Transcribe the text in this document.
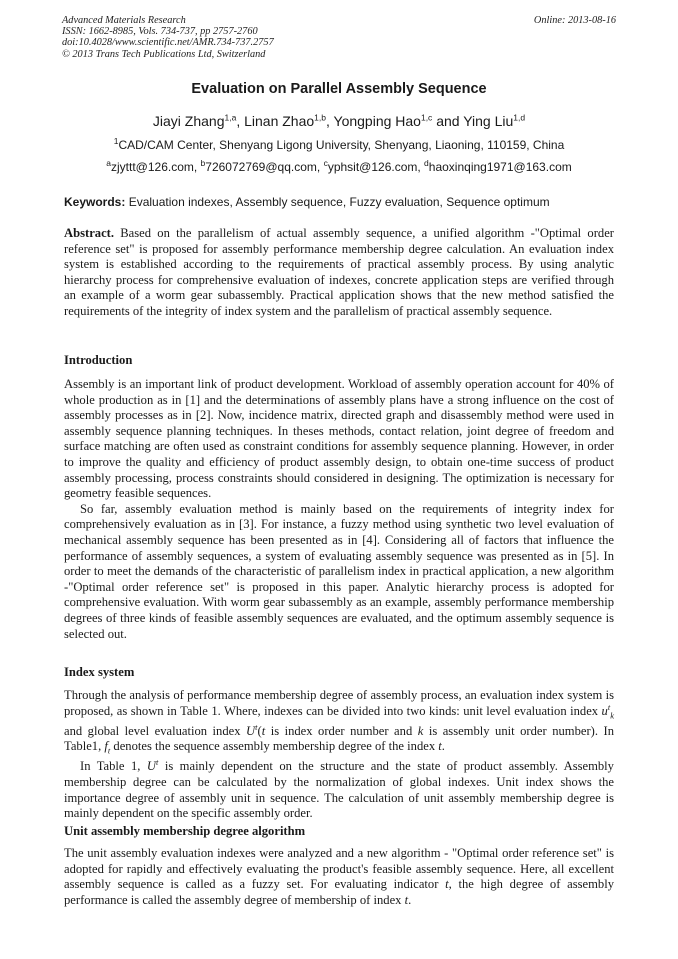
Advanced Materials Research
ISSN: 1662-8985, Vols. 734-737, pp 2757-2760
doi:10.4028/www.scientific.net/AMR.734-737.2757
© 2013 Trans Tech Publications Ltd, Switzerland
Online: 2013-08-16
Evaluation on Parallel Assembly Sequence
Jiayi Zhang$^{1,a}$, Linan Zhao$^{1,b}$, Yongping Hao$^{1,c}$ and Ying Liu$^{1,d}$
$^1$CAD/CAM Center, Shenyang Ligong University, Shenyang, Liaoning, 110159, China
$^a$zjyttt@126.com, $^b$726072769@qq.com, $^c$yphsit@126.com, $^d$haoxinqing1971@163.com
Keywords: Evaluation indexes, Assembly sequence, Fuzzy evaluation, Sequence optimum

Abstract. Based on the parallelism of actual assembly sequence, a unified algorithm -"Optimal order reference set" is proposed for assembly performance membership degree calculation. An evaluation index system is established according to the requirements of practical assembly process. By using analytic hierarchy process for comprehensive evaluation of indexes, concrete application steps are verified through an example of a worm gear subassembly. Practical application shows that the new method satisfied the requirements of the integrity of index system and the parallelism of practical assembly sequence.

Introduction

Assembly is an important link of product development. Workload of assembly operation account for 40% of whole production as in [1] and the determinations of assembly plans have a strong influence on the cost of assembly processes as in [2]. Now, incidence matrix, directed graph and disassembly method were used in assembly sequence planning techniques. In theses methods, contact relation, joint degree of freedom and surface matching are often used as constraint conditions for assembly sequence planning. However, in order to improve the quality and efficiency of product assembly design, to obtain one-time success of product assembly processing, process constraints should considered in designing. The optimization is necessary for geometry feasible sequences.

So far, assembly evaluation method is mainly based on the requirements of integrity index for comprehensively evaluation as in [3]. For instance, a fuzzy method using synthetic two level evaluation of mechanical assembly sequence has been presented as in [4]. Considering all of factors that influence the performance of assembly sequences, a system of evaluating assembly sequence was presented as in [5]. In order to meet the demands of the characteristic of parallelism index in practical application, a new algorithm -"Optimal order reference set" is proposed in this paper. Analytic hierarchy process is adopted for comprehensive evaluation. With worm gear subassembly as an example, assembly performance membership degrees of three kinds of feasible assembly sequences are evaluated, and the optimum assembly sequence is selected out.

Index system

Through the analysis of performance membership degree of assembly process, an evaluation index system is proposed, as shown in Table 1. Where, indexes can be divided into two kinds: unit level evaluation index $u^t_k$ and global level evaluation index $U^t(t$ is index order number and k is assembly unit order number). In Table1, $f_t$ denotes the sequence assembly membership degree of the index t.

In Table 1, $U^t$ is mainly dependent on the structure and the state of product assembly. Assembly membership degree can be calculated by the normalization of global indexes. Unit index shows the importance degree of assembly unit in sequence. The calculation of unit assembly membership degree is mainly dependent on the specific assembly order.

Unit assembly membership degree algorithm

The unit assembly evaluation indexes were analyzed and a new algorithm - "Optimal order reference set" is adopted for rapidly and effectively evaluating the product's feasible assembly sequence. Here, all excellent assembly sequence is called as a fuzzy set. For evaluating indicator t, the high degree of assembly performance is called the assembly degree of membership of index t.
